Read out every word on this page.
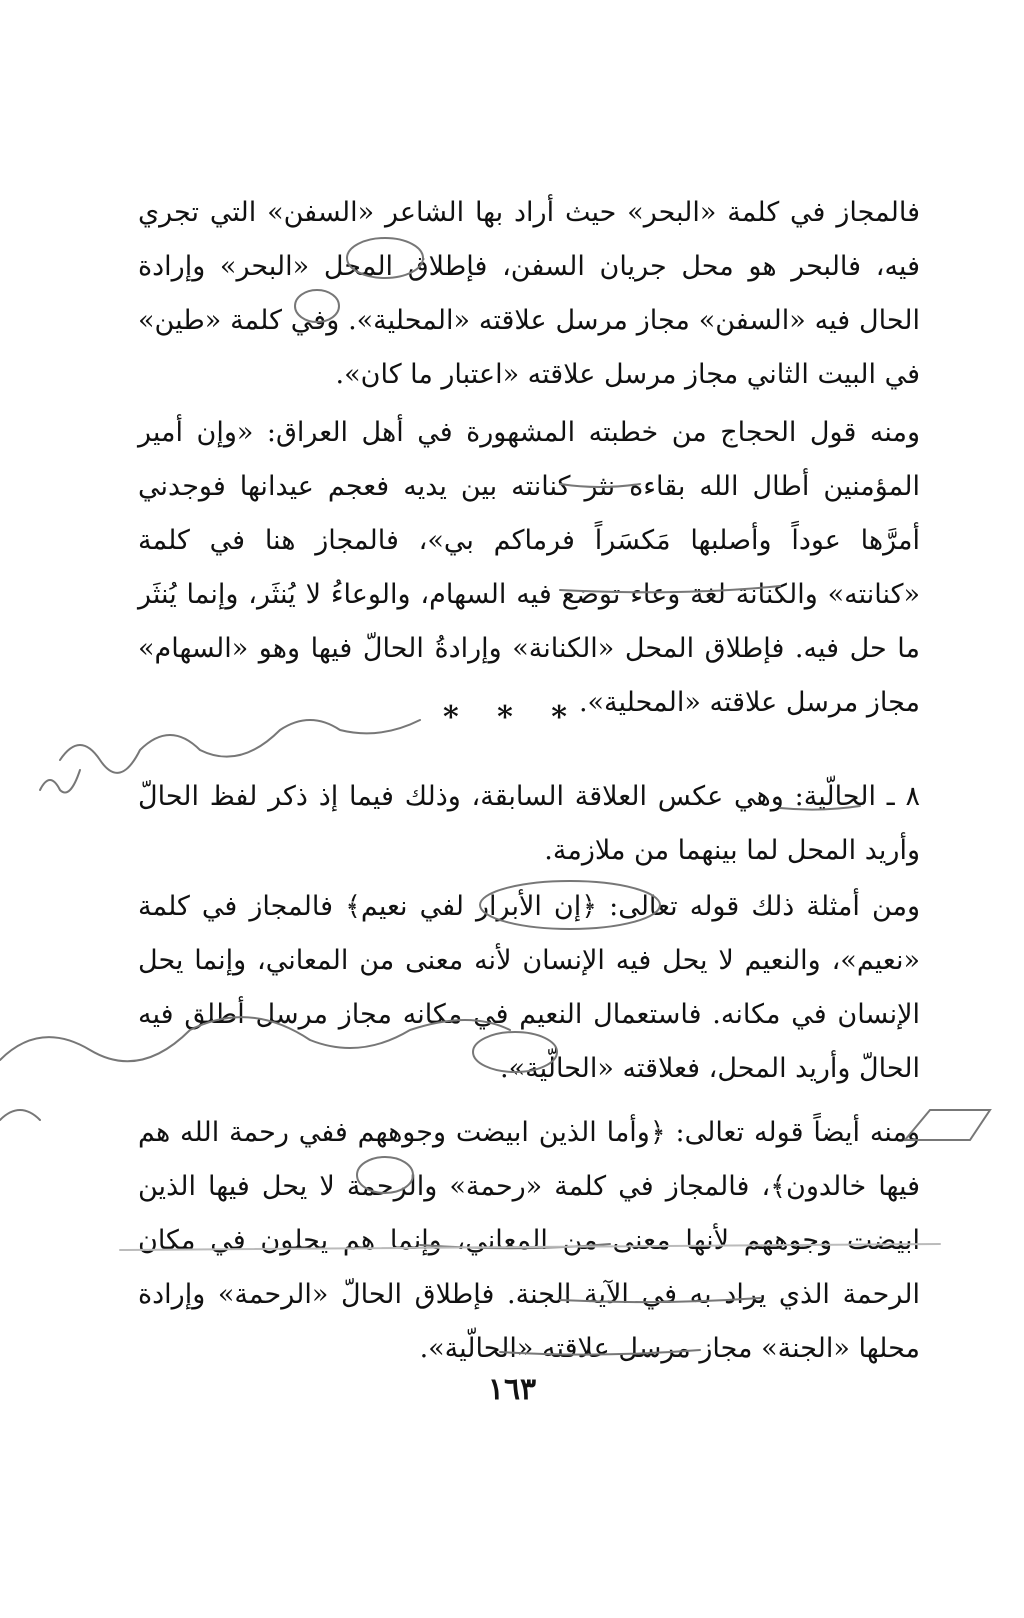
فالمجاز في كلمة «البحر» حيث أراد بها الشاعر «السفن» التي تجري فيه، فالبحر هو محل جريان السفن، فإطلاق المحل «البحر» وإرادة الحال فيه «السفن» مجاز مرسل علاقته «المحلية». وفي كلمة «طين» في البيت الثاني مجاز مرسل علاقته «اعتبار ما كان».

ومنه قول الحجاج من خطبته المشهورة في أهل العراق: «وإن أمير المؤمنين أطال الله بقاءه نثر كنانته بين يديه فعجم عيدانها فوجدني أمرَّها عوداً وأصلبها مَكسَراً فرماكم بي»، فالمجاز هنا في كلمة «كنانته» والكنانة لغة وعاء توضع فيه السهام، والوعاءُ لا يُنثَر، وإنما يُنثَر ما حل فيه. فإطلاق المحل «الكنانة» وإرادةُ الحالّ فيها وهو «السهام» مجاز مرسل علاقته «المحلية».

* * *

٨ ـ الحالّية: وهي عكس العلاقة السابقة، وذلك فيما إذ ذكر لفظ الحالّ وأريد المحل لما بينهما من ملازمة.

ومن أمثلة ذلك قوله تعالى: ﴿إن الأبرار لفي نعيم﴾ فالمجاز في كلمة «نعيم»، والنعيم لا يحل فيه الإنسان لأنه معنى من المعاني، وإنما يحل الإنسان في مكانه. فاستعمال النعيم في مكانه مجاز مرسل أطلق فيه الحالّ وأريد المحل، فعلاقته «الحالّية».

ومنه أيضاً قوله تعالى: ﴿وأما الذين ابيضت وجوههم ففي رحمة الله هم فيها خالدون﴾، فالمجاز في كلمة «رحمة» والرحمة لا يحل فيها الذين ابيضت وجوههم لأنها معنى من المعاني، وإنما هم يحلون في مكان الرحمة الذي يراد به في الآية الجنة. فإطلاق الحالّ «الرحمة» وإرادة محلها «الجنة» مجاز مرسل علاقته «الحالّية».

١٦٣
